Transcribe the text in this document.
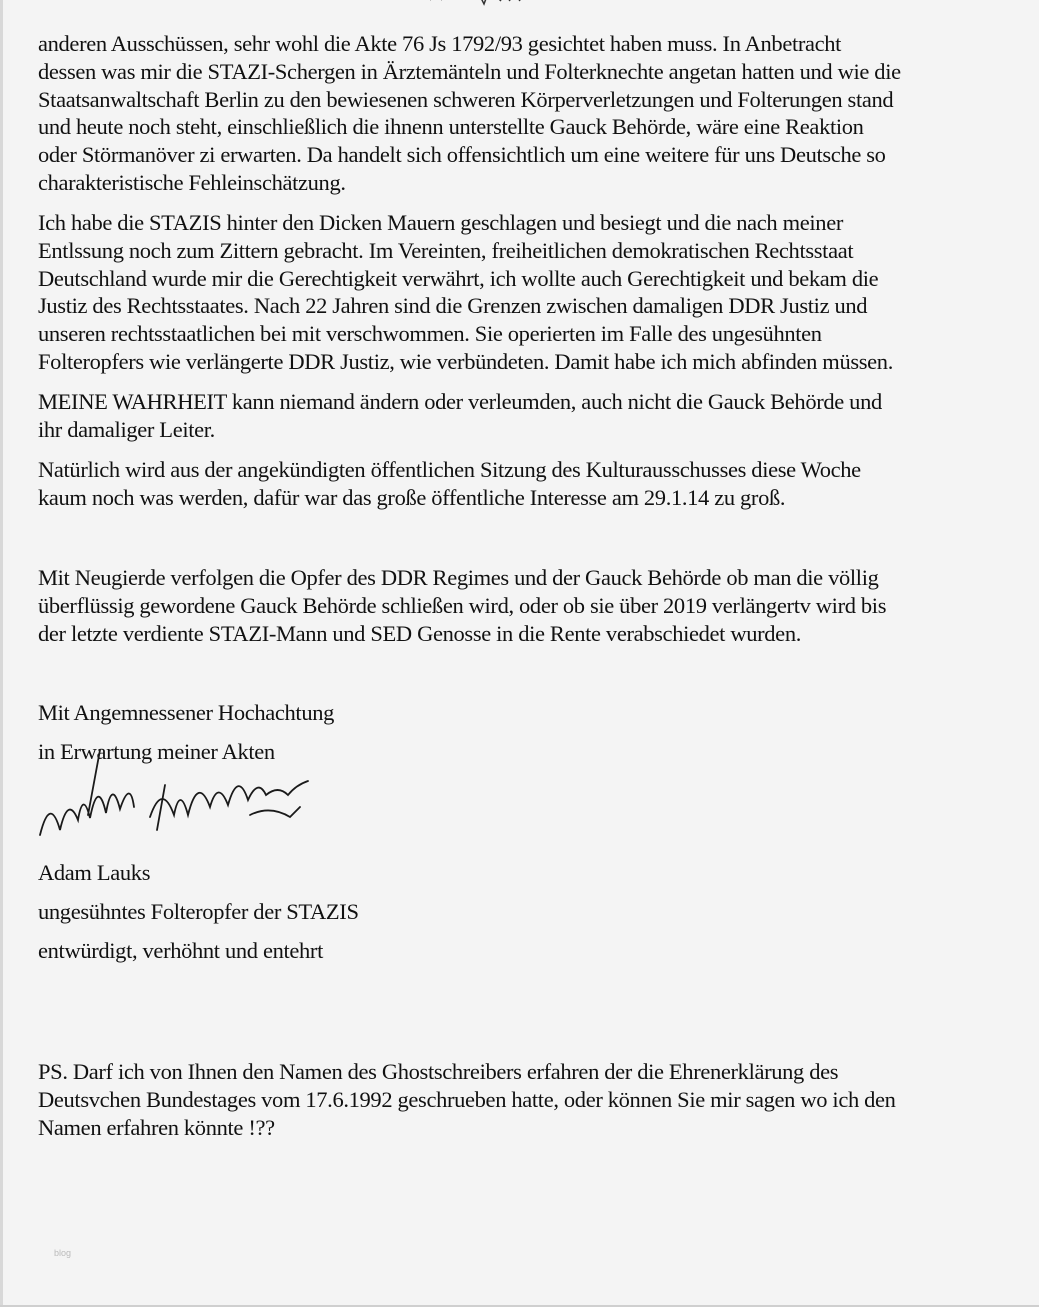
anderen Ausschüssen, sehr wohl die Akte 76 Js 1792/93 gesichtet haben muss. In Anbetracht
dessen was mir die STAZI-Schergen in Ärztemänteln und Folterknechte angetan hatten und wie die
Staatsanwaltschaft Berlin zu den bewiesenen schweren Körperverletzungen und Folterungen stand
und heute noch steht, einschließlich die ihnenn unterstellte Gauck Behörde, wäre eine Reaktion
oder Störmanöver zi erwarten. Da handelt sich offensichtlich um eine weitere für uns Deutsche so
charakteristische Fehleinschätzung.
Ich habe die STAZIS hinter den Dicken Mauern geschlagen und besiegt und die nach meiner
Entlssung noch zum Zittern gebracht. Im Vereinten, freiheitlichen demokratischen Rechtsstaat
Deutschland wurde mir die Gerechtigkeit verwährt, ich wollte auch Gerechtigkeit und bekam die
Justiz des Rechtsstaates. Nach 22 Jahren sind die Grenzen zwischen damaligen DDR Justiz und
unseren rechtsstaatlichen bei mit verschwommen. Sie operierten im Falle des ungesühnten
Folteropfers wie verlängerte DDR Justiz, wie verbündeten. Damit habe ich mich abfinden müssen.
MEINE WAHRHEIT kann niemand ändern oder verleumden, auch nicht die Gauck Behörde und
ihr damaliger Leiter.
Natürlich wird aus der angekündigten öffentlichen Sitzung des Kulturausschusses diese Woche
kaum noch was werden, dafür war das große öffentliche Interesse am 29.1.14 zu groß.
Mit Neugierde verfolgen die Opfer des DDR Regimes und der Gauck Behörde ob man die völlig
überflüssig gewordene Gauck Behörde schließen wird, oder ob sie über 2019 verlängertv wird bis
der letzte verdiente STAZI-Mann und SED Genosse in die Rente verabschiedet wurden.
Mit Angemnessener Hochachtung
in Erwartung meiner Akten
Adam Lauks
ungesühntes Folteropfer der STAZIS
entwürdigt, verhöhnt und entehrt
PS. Darf ich von Ihnen den Namen des Ghostschreibers erfahren der die Ehrenerklärung des
Deutsvchen Bundestages vom 17.6.1992 geschrueben hatte, oder können Sie mir sagen wo ich den
Namen erfahren könnte !??
blog
